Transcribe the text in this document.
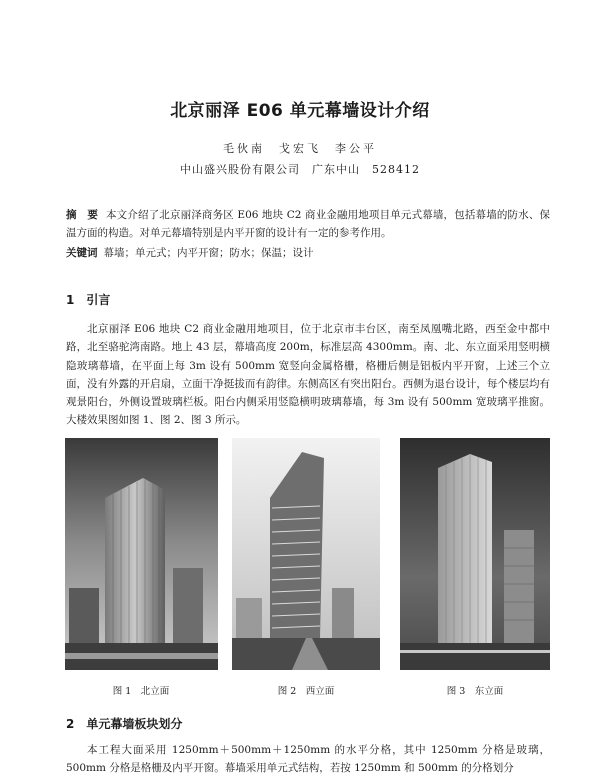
北京丽泽 E06 单元幕墙设计介绍
毛伙南　戈宏飞　李公平
中山盛兴股份有限公司　广东中山　528412
摘　要 本文介绍了北京丽泽商务区 E06 地块 C2 商业金融用地项目单元式幕墙，包括幕墙的防水、保温方面的构造。对单元幕墙特别是内平开窗的设计有一定的参考作用。
关键词 幕墙；单元式；内平开窗；防水；保温；设计
1 引言
北京丽泽 E06 地块 C2 商业金融用地项目，位于北京市丰台区，南至凤凰嘴北路，西至金中都中路，北至骆驼湾南路。地上 43 层，幕墙高度 200m，标准层高 4300mm。南、北、东立面采用竖明横隐玻璃幕墙，在平面上每 3m 设有 500mm 宽竖向金属格栅，格栅后侧是铝板内平开窗，上述三个立面，没有外露的开启扇，立面干净挺拔而有韵律。东侧高区有突出阳台。西侧为退台设计，每个楼层均有观景阳台，外侧设置玻璃栏板。阳台内侧采用竖隐横明玻璃幕墙，每 3m 设有 500mm 宽玻璃平推窗。大楼效果图如图 1、图 2、图 3 所示。
图 1　北立面	图 2　西立面	图 3　东立面
2 单元幕墙板块划分
本工程大面采用 1250mm＋500mm＋1250mm 的水平分格，其中 1250mm 分格是玻璃，500mm 分格是格栅及内平开窗。幕墙采用单元式结构，若按 1250mm 和 500mm 的分格划分
